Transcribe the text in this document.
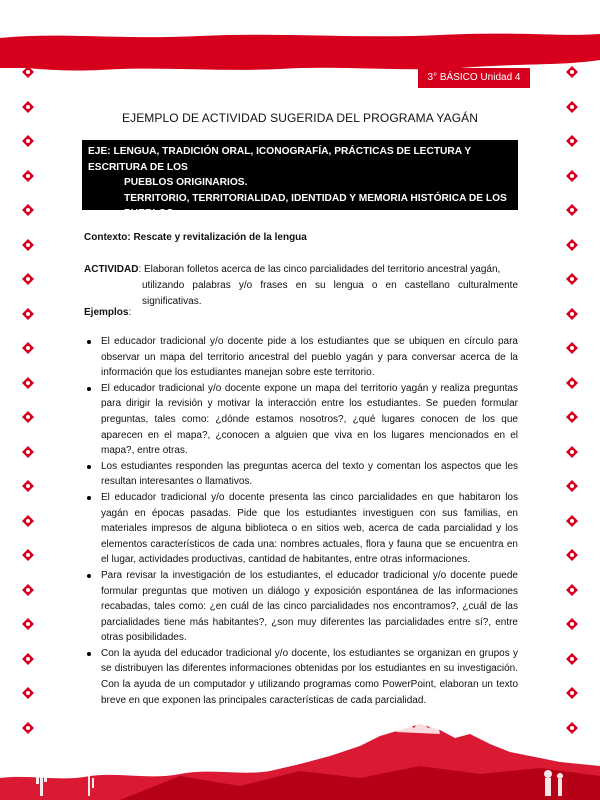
3° BÁSICO Unidad 4
EJEMPLO DE ACTIVIDAD SUGERIDA DEL PROGRAMA YAGÁN
EJE: LENGUA, TRADICIÓN ORAL, ICONOGRAFÍA, PRÁCTICAS DE LECTURA Y ESCRITURA DE LOS
PUEBLOS ORIGINARIOS.
TERRITORIO, TERRITORIALIDAD, IDENTIDAD Y MEMORIA HISTÓRICA DE LOS PUEBLOS
ORIGINARIOS.
Contexto: Rescate y revitalización de la lengua
ACTIVIDAD: Elaboran folletos acerca de las cinco parcialidades del territorio ancestral yagán,
utilizando palabras y/o frases en su lengua o en castellano culturalmente significativas.
Ejemplos:
El educador tradicional y/o docente pide a los estudiantes que se ubiquen en círculo para observar un mapa del territorio ancestral del pueblo yagán y para conversar acerca de la información que los estudiantes manejan sobre este territorio.
El educador tradicional y/o docente expone un mapa del territorio yagán y realiza preguntas para dirigir la revisión y motivar la interacción entre los estudiantes. Se pueden formular preguntas, tales como: ¿dónde estamos nosotros?, ¿qué lugares conocen de los que aparecen en el mapa?, ¿conocen a alguien que viva en los lugares mencionados en el mapa?, entre otras.
Los estudiantes responden las preguntas acerca del texto y comentan los aspectos que les resultan interesantes o llamativos.
El educador tradicional y/o docente presenta las cinco parcialidades en que habitaron los yagán en épocas pasadas. Pide que los estudiantes investiguen con sus familias, en materiales impresos de alguna biblioteca o en sitios web, acerca de cada parcialidad y los elementos característicos de cada una: nombres actuales, flora y fauna que se encuentra en el lugar, actividades productivas, cantidad de habitantes, entre otras informaciones.
Para revisar la investigación de los estudiantes, el educador tradicional y/o docente puede formular preguntas que motiven un diálogo y exposición espontánea de las informaciones recabadas, tales como: ¿en cuál de las cinco parcialidades nos encontramos?, ¿cuál de las parcialidades tiene más habitantes?, ¿son muy diferentes las parcialidades entre sí?, entre otras posibilidades.
Con la ayuda del educador tradicional y/o docente, los estudiantes se organizan en grupos y se distribuyen las diferentes informaciones obtenidas por los estudiantes en su investigación. Con la ayuda de un computador y utilizando programas como PowerPoint, elaboran un texto breve en que exponen las principales características de cada parcialidad.
